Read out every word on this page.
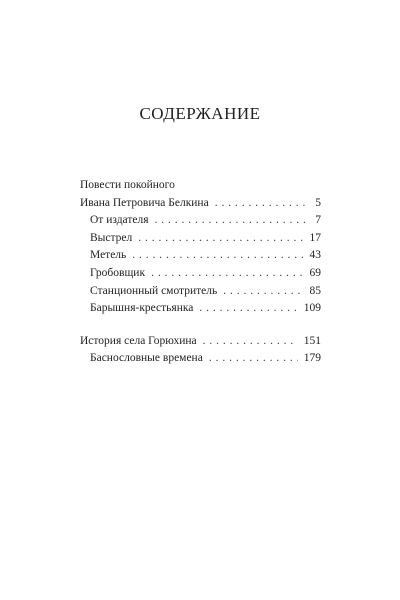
СОДЕРЖАНИЕ
Повести покойного
Ивана Петровича Белкина . . .	5
От издателя . . .	7
Выстрел . . .	17
Метель . . .	43
Гробовщик . . .	69
Станционный смотритель . . .	85
Барышня-крестьянка . . .	109
История села Горюхина . . .	151
Баснословные времена . . .	179
